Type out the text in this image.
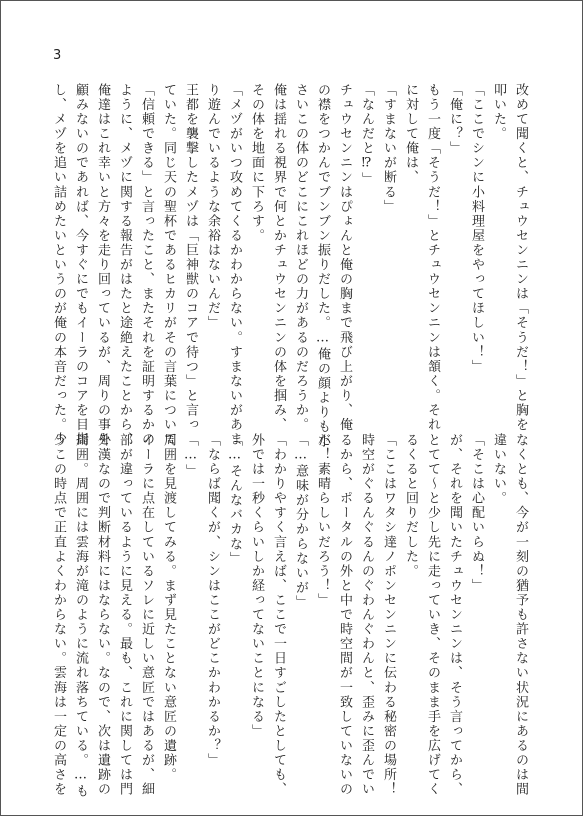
3
改めて聞くと、チュウセンニンは「そうだ！」と胸を
叩いた。
「ここでシンに小料理屋をやってほしい！」
「俺に？」
もう一度「そうだ！」とチュウセンニンは頷く。それ
に対して俺は、
「すまないが断る」
「なんだと⁉」
チュウセンニンはぴょんと俺の胸まで飛び上がり、俺
の襟をつかんでブンブン振りだした。…俺の顔よりも小
さいこの体のどこにこれほどの力があるのだろうか。
俺は揺れる視界で何とかチュウセンニンの体を掴み、
その体を地面に下ろす。
「メヅがいつ攻めてくるかわからない。すまないがあま
り遊んでいるような余裕はないんだ」
王都を襲撃したメヅは「巨神獣のコアで待つ」と言っ
ていた。同じ天の聖杯であるヒカリがその言葉について
「信頼できる」と言ったこと、またそれを証明するかの
ように、メヅに関する報告がはたと途絶えたことから、
俺達はこれ幸いと方々を走り回っているが、周りの事を
顧みないのであれば、今すぐにでもイーラのコアを目指
し、メヅを追い詰めたいというのが俺の本音だった。少
なくとも、今が一刻の猶予も許さない状況にあるのは間
違いない。
「そこは心配いらぬ！」
が、それを聞いたチュウセンニンは、そう言ってから、
とてて～と少し先に走っていき、そのまま手を広げてく
るくると回りだした。
「ここはワタシ達ノポンセンニンに伝わる秘密の場所！
時空がぐるんぐるんのぐわんぐわんと、歪みに歪んでい
るから、ポータルの外と中で時空間が一致していないの
だ！素晴らしいだろう！」
「…意味が分からないが」
「わかりやすく言えば、ここで一日すごしたとしても、
外では一秒くらいしか経ってないことになる」
「…そんなバカな」
「ならば聞くが、シンはここがどこかわかるか？」
「…」
周囲を見渡してみる。まず見たことない意匠の遺跡。
イーラに点在しているソレに近しい意匠ではあるが、細
部が違っているように見える。最も、これに関しては門
外漢なので判断材料にはならない。なので、次は遺跡の
周囲。周囲には雲海が滝のように流れ落ちている。…も
うこの時点で正直よくわからない。雲海は一定の高さを
